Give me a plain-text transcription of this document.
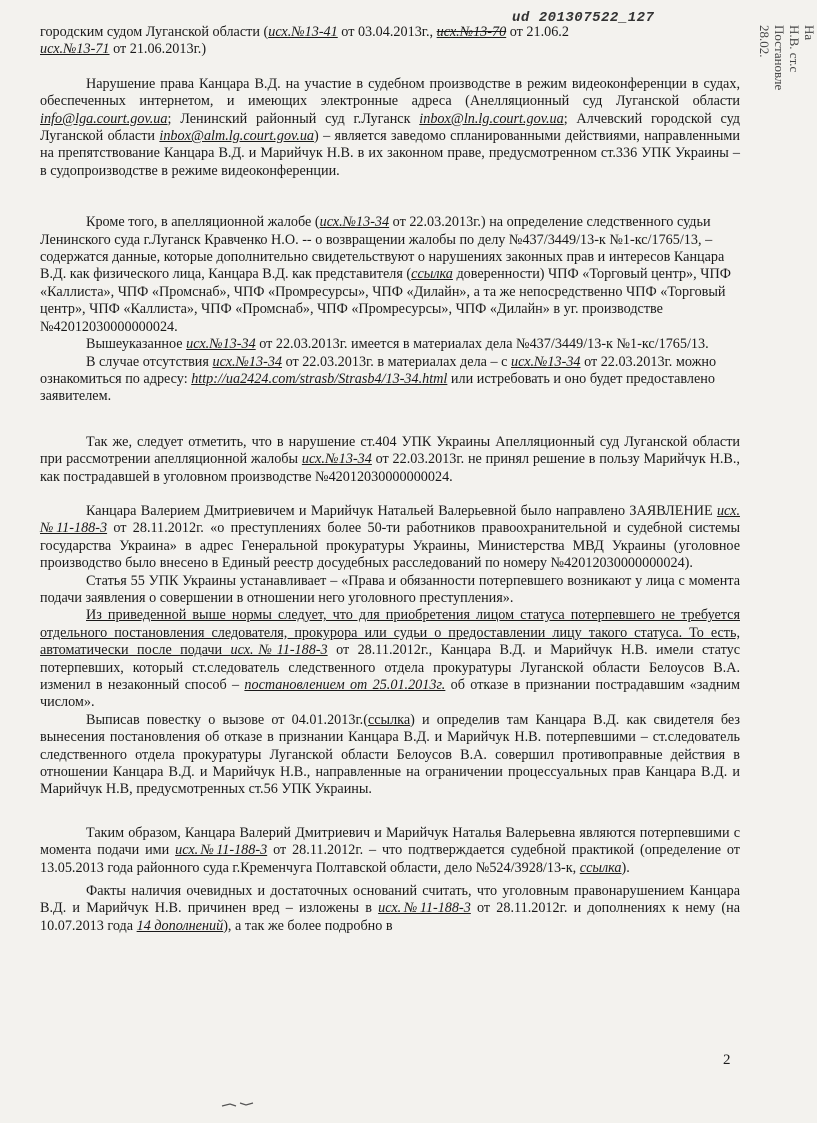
ud 201307522_127
Нa
Н.В. ст.с
Постановле
28.02.

городским судом Луганской области (исх.№13-41 от 03.04.2013г., исх.№13-70 от 21.06.2
исх.№13-71 от 21.06.2013г.)

Нарушение права Канцара В.Д. на участие в судебном производстве в режим видеоконференции в судах, обеспеченных интернетом, и имеющих электронные адреса (Анелляционный суд Луганской области info@lga.court.gov.ua; Ленинский районный суд г.Луганск inbox@ln.lg.court.gov.ua; Алчевский городской суд Луганской области inbox@alm.lg.court.gov.ua) – является заведомо спланированными действиями, направленными на препятствование Канцара В.Д. и Марийчук Н.В. в их законном праве, предусмотренном ст.336 УПК Украины – в судопроизводстве в режиме видеоконференции.

Кроме того, в апелляционной жалобе (исх.№13-34 от 22.03.2013г.) на определение следственного судьи Ленинского суда г.Луганск Кравченко Н.О. -- о возвращении жалобы по делу №437/3449/13-к №1-кс/1765/13, – содержатся данные, которые дополнительно свидетельствуют о нарушениях законных прав и интересов Канцара В.Д. как физического лица, Канцара В.Д. как представителя (ссылка доверенности) ЧПФ «Торговый центр», ЧПФ «Каллиста», ЧПФ «Промснаб», ЧПФ «Промресурсы», ЧПФ «Дилайн», а та же непосредственно ЧПФ «Торговый центр», ЧПФ «Каллиста», ЧПФ «Промснаб», ЧПФ «Промресурсы», ЧПФ «Дилайн» в уг. производстве №42012030000000024.

Вышеуказанное исх.№13-34 от 22.03.2013г. имеется в материалах дела №437/3449/13-к №1-кс/1765/13.

В случае отсутствия исх.№13-34 от 22.03.2013г. в материалах дела – с исх.№13-34 от 22.03.2013г. можно ознакомиться по адресу: http://ua2424.com/strasb/Strasb4/13-34.html или истребовать и оно будет предоставлено заявителем.

Так же, следует отметить, что в нарушение ст.404 УПК Украины Апелляционный суд Луганской области при рассмотрении апелляционной жалобы исх.№13-34 от 22.03.2013г. не принял решение в пользу Марийчук Н.В., как пострадавшей в уголовном производстве №42012030000000024.

Канцара Валерием Дмитриевичем и Марийчук Натальей Валерьевной было направлено ЗАЯВЛЕНИЕ исх.№11-188-3 от 28.11.2012г. «о преступлениях более 50-ти работников правоохранительной и судебной системы государства Украина» в адрес Генеральной прокуратуры Украины, Министерства МВД Украины (уголовное производство было внесено в Единый реестр досудебных расследований по номеру №42012030000000024).

Статья 55 УПК Украины устанавливает – «Права и обязанности потерпевшего возникают у лица с момента подачи заявления о совершении в отношении него уголовного преступления».

Из приведенной выше нормы следует, что для приобретения лицом статуса потерпевшего не требуется отдельного постановления следователя, прокурора или судьи о предоставлении лицу такого статуса. То есть, автоматически после подачи исх.№11-188-3 от 28.11.2012г., Канцара В.Д. и Марийчук Н.В. имели статус потерпевших, который ст.следователь следственного отдела прокуратуры Луганской области Белоусов В.А. изменил в незаконный способ – постановлением от 25.01.2013г. об отказе в признании пострадавшим «задним числом».

Выписав повестку о вызове от 04.01.2013г.(ссылка) и определив там Канцара В.Д. как свидетеля без вынесения постановления об отказе в признании Канцара В.Д. и Марийчук Н.В. потерпевшими – ст.следователь следственного отдела прокуратуры Луганской области Белоусов В.А. совершил противоправные действия в отношении Канцара В.Д. и Марийчук Н.В., направленные на ограничении процессуальных прав Канцара В.Д. и Марийчук Н.В, предусмотренных ст.56 УПК Украины.

Таким образом, Канцара Валерий Дмитриевич и Марийчук Наталья Валерьевна являются потерпевшими с момента подачи ими исх.№11-188-3 от 28.11.2012г. – что подтверждается судебной практикой (определение от 13.05.2013 года районного суда г.Кременчуга Полтавской области, дело №524/3928/13-к, ссылка).

Факты наличия очевидных и достаточных оснований считать, что уголовным правонарушением Канцара В.Д. и Марийчук Н.В. причинен вред – изложены в исх.№11-188-3 от 28.11.2012г. и дополнениях к нему (на 10.07.2013 года 14 дополнений), а так же более подробно в

2
